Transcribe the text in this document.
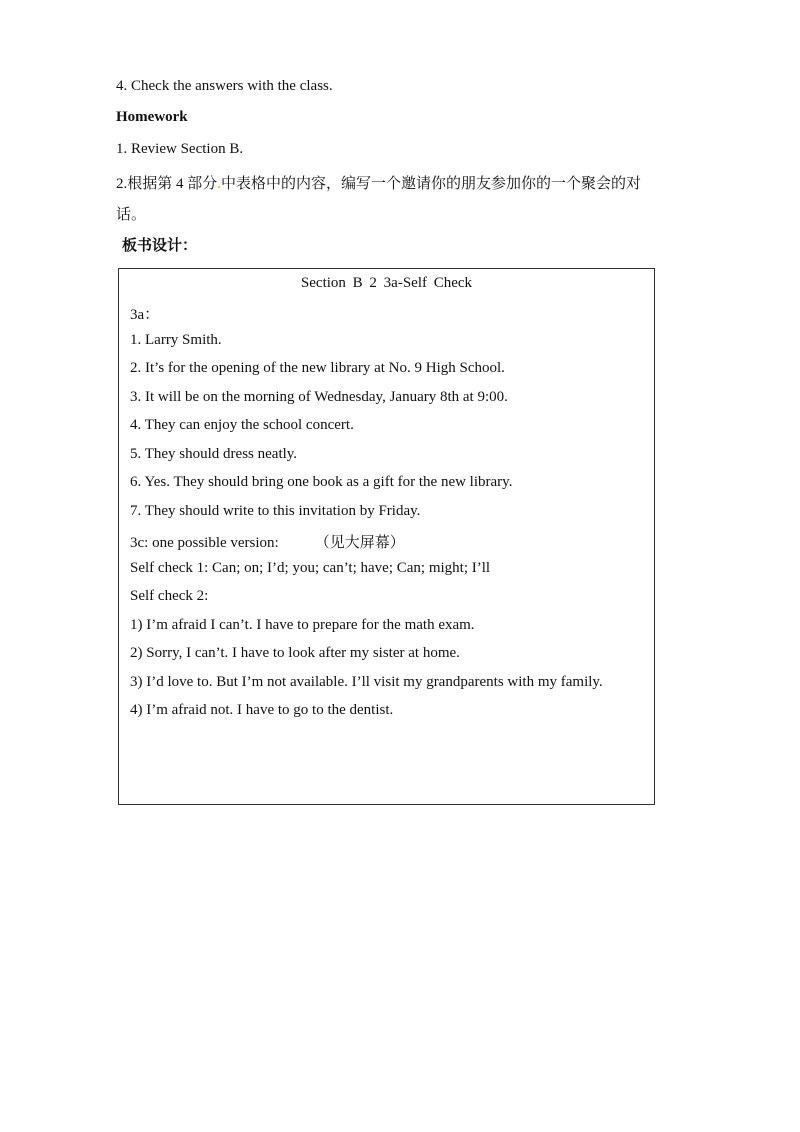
4. Check the answers with the class.
Homework
1. Review Section B.
2.根据第 4 部分.中表格中的内容，编写一个邀请你的朋友参加你的一个聚会的对
话。
板书设计：
Section B 2 3a-Self Check
3a：
1. Larry Smith.
2. It’s for the opening of the new library at No. 9 High School.
3. It will be on the morning of Wednesday, January 8th at 9:00.
4. They can enjoy the school concert.
5. They should dress neatly.
6. Yes. They should bring one book as a gift for the new library.
7. They should write to this invitation by Friday.
3c: one possible version: （见大屏幕）
Self check 1: Can; on; I’d; you; can’t; have; Can; might; I’ll
Self check 2:
1) I’m afraid I can’t. I have to prepare for the math exam.
2) Sorry, I can’t. I have to look after my sister at home.
3) I’d love to. But I’m not available. I’ll visit my grandparents with my family.
4) I’m afraid not. I have to go to the dentist.
